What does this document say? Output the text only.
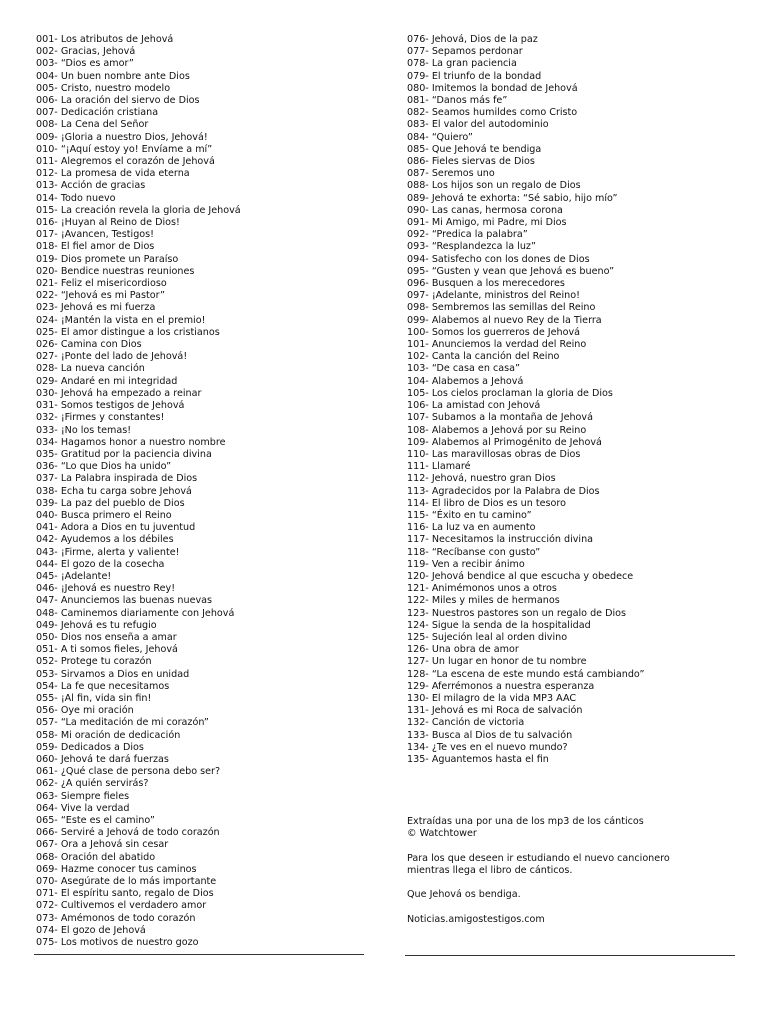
001- Los atributos de Jehová
002- Gracias, Jehová
003- “Dios es amor”
004- Un buen nombre ante Dios
005- Cristo, nuestro modelo
006- La oración del siervo de Dios
007- Dedicación cristiana
008- La Cena del Señor
009- ¡Gloria a nuestro Dios, Jehová!
010- “¡Aquí estoy yo! Envíame a mí”
011- Alegremos el corazón de Jehová
012- La promesa de vida eterna
013- Acción de gracias
014- Todo nuevo
015- La creación revela la gloria de Jehová
016- ¡Huyan al Reino de Dios!
017- ¡Avancen, Testigos!
018- El fiel amor de Dios
019- Dios promete un Paraíso
020- Bendice nuestras reuniones
021- Feliz el misericordioso
022- “Jehová es mi Pastor”
023- Jehová es mi fuerza
024- ¡Mantén la vista en el premio!
025- El amor distingue a los cristianos
026- Camina con Dios
027- ¡Ponte del lado de Jehová!
028- La nueva canción
029- Andaré en mi integridad
030- Jehová ha empezado a reinar
031- Somos testigos de Jehová
032- ¡Firmes y constantes!
033- ¡No los temas!
034- Hagamos honor a nuestro nombre
035- Gratitud por la paciencia divina
036- “Lo que Dios ha unido”
037- La Palabra inspirada de Dios
038- Echa tu carga sobre Jehová
039- La paz del pueblo de Dios
040- Busca primero el Reino
041- Adora a Dios en tu juventud
042- Ayudemos a los débiles
043- ¡Firme, alerta y valiente!
044- El gozo de la cosecha
045- ¡Adelante!
046- ¡Jehová es nuestro Rey!
047- Anunciemos las buenas nuevas
048- Caminemos diariamente con Jehová
049- Jehová es tu refugio
050- Dios nos enseña a amar
051- A ti somos fieles, Jehová
052- Protege tu corazón
053- Sirvamos a Dios en unidad
054- La fe que necesitamos
055- ¡Al fin, vida sin fin!
056- Oye mi oración
057- “La meditación de mi corazón”
058- Mi oración de dedicación
059- Dedicados a Dios
060- Jehová te dará fuerzas
061- ¿Qué clase de persona debo ser?
062- ¿A quién servirás?
063- Siempre fieles
064- Vive la verdad
065- “Este es el camino”
066- Serviré a Jehová de todo corazón
067- Ora a Jehová sin cesar
068- Oración del abatido
069- Hazme conocer tus caminos
070- Asegúrate de lo más importante
071- El espíritu santo, regalo de Dios
072- Cultivemos el verdadero amor
073- Amémonos de todo corazón
074- El gozo de Jehová
075- Los motivos de nuestro gozo
076- Jehová, Dios de la paz
077- Sepamos perdonar
078- La gran paciencia
079- El triunfo de la bondad
080- Imitemos la bondad de Jehová
081- “Danos más fe”
082- Seamos humildes como Cristo
083- El valor del autodominio
084- “Quiero”
085- Que Jehová te bendiga
086- Fieles siervas de Dios
087- Seremos uno
088- Los hijos son un regalo de Dios
089- Jehová te exhorta: “Sé sabio, hijo mío”
090- Las canas, hermosa corona
091- Mi Amigo, mi Padre, mi Dios
092- “Predica la palabra”
093- “Resplandezca la luz”
094- Satisfecho con los dones de Dios
095- “Gusten y vean que Jehová es bueno”
096- Busquen a los merecedores
097- ¡Adelante, ministros del Reino!
098- Sembremos las semillas del Reino
099- Alabemos al nuevo Rey de la Tierra
100- Somos los guerreros de Jehová
101- Anunciemos la verdad del Reino
102- Canta la canción del Reino
103- “De casa en casa”
104- Alabemos a Jehová
105- Los cielos proclaman la gloria de Dios
106- La amistad con Jehová
107- Subamos a la montaña de Jehová
108- Alabemos a Jehová por su Reino
109- Alabemos al Primogénito de Jehová
110- Las maravillosas obras de Dios
111- Llamaré
112- Jehová, nuestro gran Dios
113- Agradecidos por la Palabra de Dios
114- El libro de Dios es un tesoro
115- “Éxito en tu camino”
116- La luz va en aumento
117- Necesitamos la instrucción divina
118- “Recíbanse con gusto”
119- Ven a recibir ánimo
120- Jehová bendice al que escucha y obedece
121- Animémonos unos a otros
122- Miles y miles de hermanos
123- Nuestros pastores son un regalo de Dios
124- Sigue la senda de la hospitalidad
125- Sujeción leal al orden divino
126- Una obra de amor
127- Un lugar en honor de tu nombre
128- “La escena de este mundo está cambiando”
129- Aferrémonos a nuestra esperanza
130- El milagro de la vida MP3 AAC
131- Jehová es mi Roca de salvación
132- Canción de victoria
133- Busca al Dios de tu salvación
134- ¿Te ves en el nuevo mundo?
135- Aguantemos hasta el fin

Extraídas una por una de los mp3 de los cánticos
© Watchtower

Para los que deseen ir estudiando el nuevo cancionero
mientras llega el libro de cánticos.

Que Jehová os bendiga.

Noticias.amigostestigos.com
